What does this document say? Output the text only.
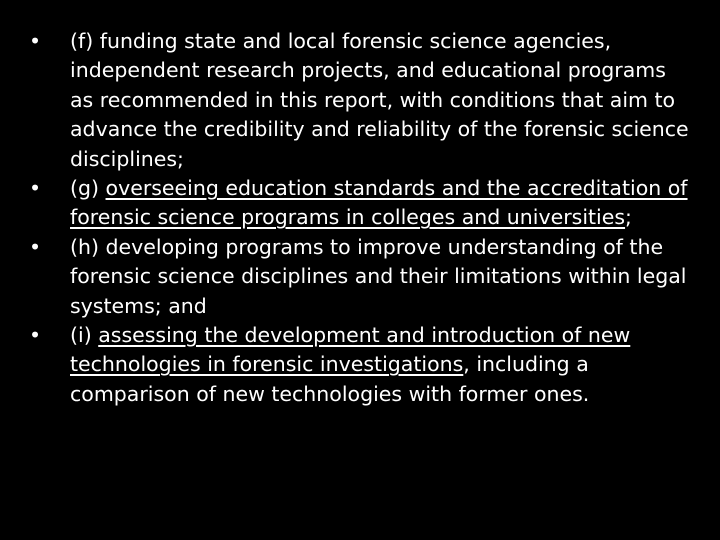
•	(f) funding state and local forensic science agencies, independent research projects, and educational programs as recommended in this report, with conditions that aim to advance the credibility and reliability of the forensic science disciplines;
•	(g) overseeing education standards and the accreditation of forensic science programs in colleges and universities;
•	(h) developing programs to improve understanding of the forensic science disciplines and their limitations within legal systems; and
•	(i) assessing the development and introduction of new technologies in forensic investigations, including a comparison of new technologies with former ones.
